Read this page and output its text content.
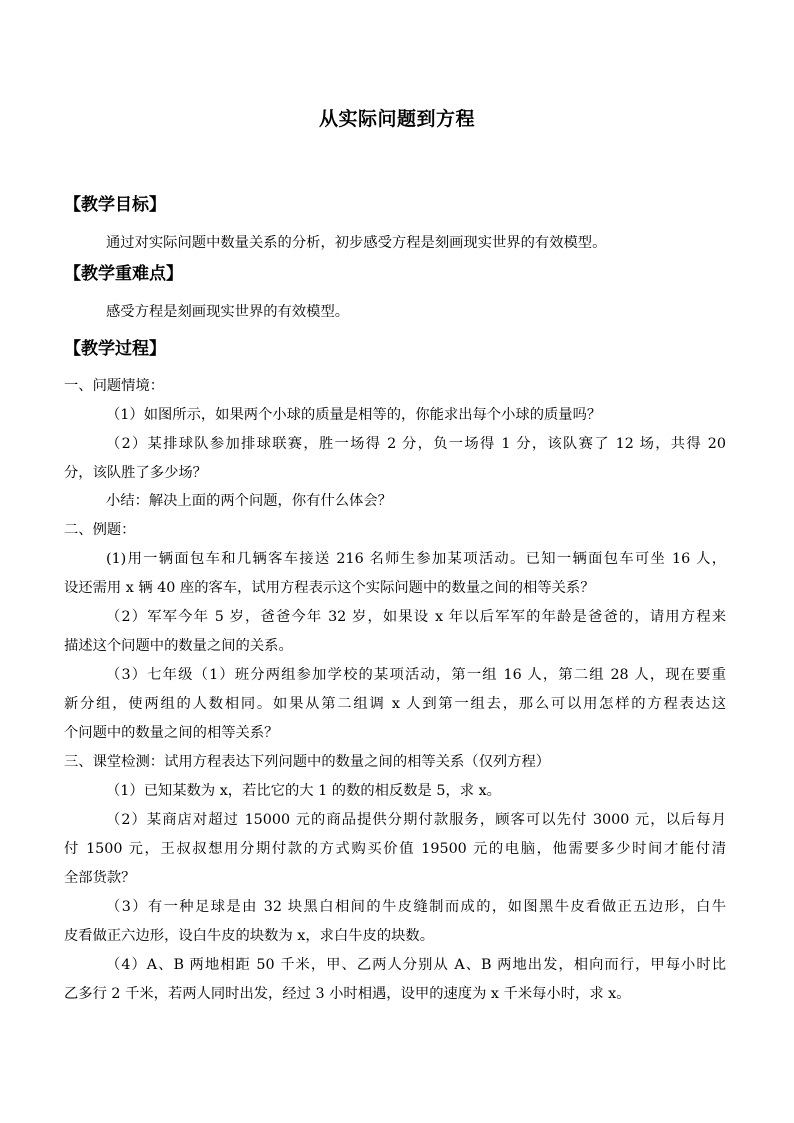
从实际问题到方程
【教学目标】
通过对实际问题中数量关系的分析，初步感受方程是刻画现实世界的有效模型。
【教学重难点】
感受方程是刻画现实世界的有效模型。
【教学过程】
一、问题情境：
（1）如图所示，如果两个小球的质量是相等的，你能求出每个小球的质量吗？
（2）某排球队参加排球联赛，胜一场得 2 分，负一场得 1 分，该队赛了 12 场，共得 20
分，该队胜了多少场？
小结：解决上面的两个问题，你有什么体会？
二、例题：
(1)用一辆面包车和几辆客车接送 216 名师生参加某项活动。已知一辆面包车可坐 16 人，
设还需用 x 辆 40 座的客车，试用方程表示这个实际问题中的数量之间的相等关系？
（2）军军今年 5 岁，爸爸今年 32 岁，如果设 x 年以后军军的年龄是爸爸的，请用方程来
描述这个问题中的数量之间的关系。
（3）七年级（1）班分两组参加学校的某项活动，第一组 16 人，第二组 28 人，现在要重
新分组，使两组的人数相同。如果从第二组调 x 人到第一组去，那么可以用怎样的方程表达这
个问题中的数量之间的相等关系？
三、课堂检测：试用方程表达下列问题中的数量之间的相等关系（仅列方程）
（1）已知某数为 x，若比它的大 1 的数的相反数是 5，求 x。
（2）某商店对超过 15000 元的商品提供分期付款服务，顾客可以先付 3000 元，以后每月
付 1500 元，王叔叔想用分期付款的方式购买价值 19500 元的电脑，他需要多少时间才能付清
全部货款？
（3）有一种足球是由 32 块黑白相间的牛皮缝制而成的，如图黑牛皮看做正五边形，白牛
皮看做正六边形，设白牛皮的块数为 x，求白牛皮的块数。
（4）A、B 两地相距 50 千米，甲、乙两人分别从 A、B 两地出发，相向而行，甲每小时比
乙多行 2 千米，若两人同时出发，经过 3 小时相遇，设甲的速度为 x 千米每小时，求 x。
